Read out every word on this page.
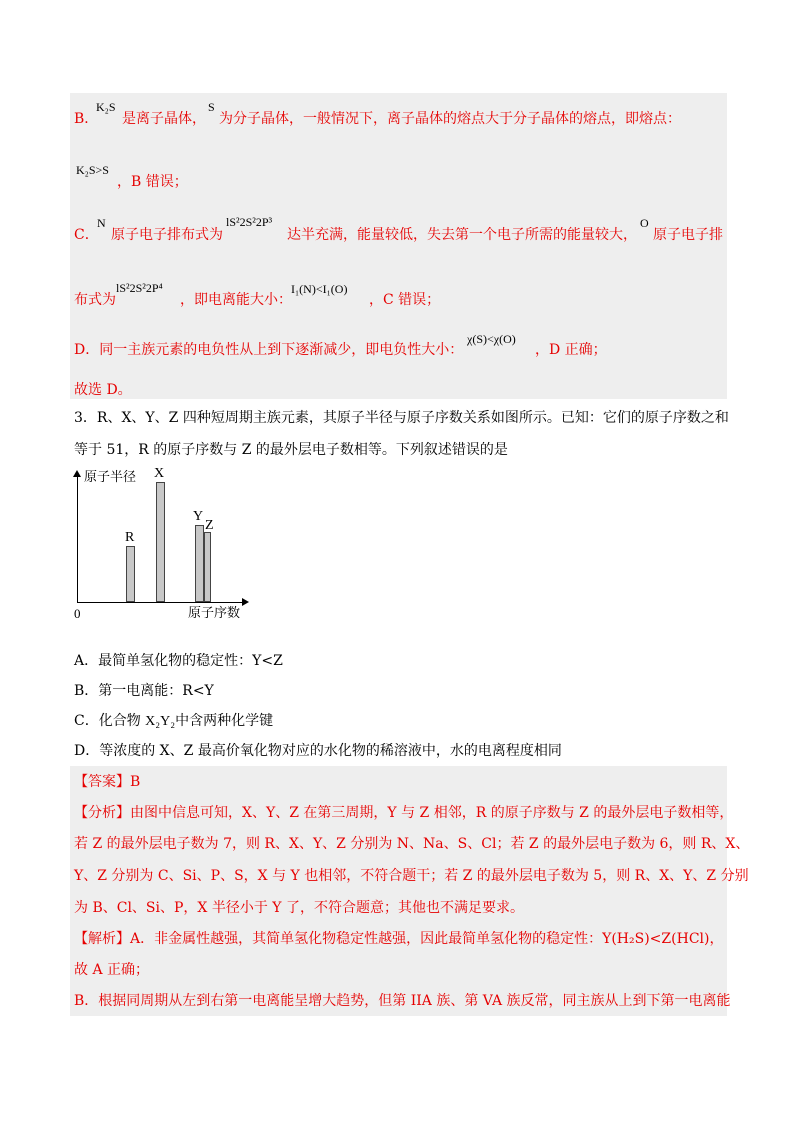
B．
K₂S
是离子晶体，
S
为分子晶体，一般情况下，离子晶体的熔点大于分子晶体的熔点，即熔点：
K₂S>S
，B 错误；
C．
N
原子电子排布式为
lS²2S²2P³
达半充满，能量较低，失去第一个电子所需的能量较大，
O
原子电子排
布式为
lS²2S²2P⁴
，即电离能大小：
I₁(N)<I₁(O)
，C 错误；
D．同一主族元素的电负性从上到下逐渐减少，即电负性大小：
χ(S)<χ(O)
，D 正确；
故选 D。
3．R、X、Y、Z 四种短周期主族元素，其原子半径与原子序数关系如图所示。已知：它们的原子序数之和
等于 51，R 的原子序数与 Z 的最外层电子数相等。下列叙述错误的是
原子半径
原子序数
0
R
X
Y
Z
A．最简单氢化物的稳定性：Y<Z
B．第一电离能：R<Y
C．化合物 X₂Y₂中含两种化学键
D．等浓度的 X、Z 最高价氧化物对应的水化物的稀溶液中，水的电离程度相同
【答案】B
【分析】由图中信息可知，X、Y、Z 在第三周期，Y 与 Z 相邻，R 的原子序数与 Z 的最外层电子数相等，
若 Z 的最外层电子数为 7，则 R、X、Y、Z 分别为 N、Na、S、Cl；若 Z 的最外层电子数为 6，则 R、X、
Y、Z 分别为 C、Si、P、S，X 与 Y 也相邻，不符合题干；若 Z 的最外层电子数为 5，则 R、X、Y、Z 分别
为 B、Cl、Si、P，X 半径小于 Y 了，不符合题意；其他也不满足要求。
【解析】A．非金属性越强，其简单氢化物稳定性越强，因此最简单氢化物的稳定性：Y(H₂S)<Z(HCl)，
故 A 正确；
B．根据同周期从左到右第一电离能呈增大趋势，但第 IIA 族、第 VA 族反常，同主族从上到下第一电离能
